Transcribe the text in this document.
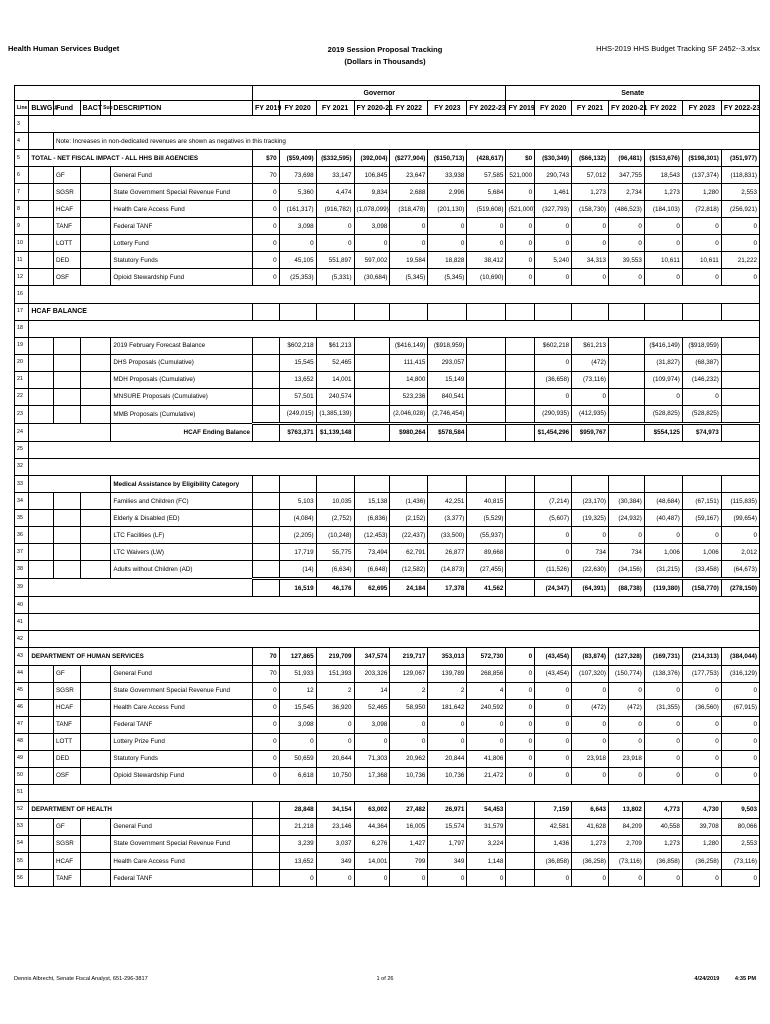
Health Human Services Budget	2019 Session Proposal Tracking
(Dollars in Thousands)
HHS-2019 HHS Budget Tracking SF 2452--3.xlsx
						Governor							Senate						
Line	BLWG #	Fund	BACT	Sub	DESCRIPTION	FY 2019	FY 2020	FY 2021	FY 2020-21	FY 2022	FY 2023	FY 2022-23	FY 2019	FY 2020	FY 2021	FY 2020-21	FY 2022	FY 2023	FY 2022-23
3																			
4		Note: Increases in non-dedicated revenues are shown as negatives in this tracking																	
5	TOTAL - NET FISCAL IMPACT - ALL HHS Bill AGENCIES					$70	($59,409)	($332,595)	(392,004)	($277,904)	($150,713)	(428,617)	$0	($30,349)	($66,132)	(96,481)	($153,676)	($198,301)	(351,977)
6		GF			General Fund	70	73,698	33,147	106,845	23,647	33,938	57,585	521,000	290,743	57,012	347,755	18,543	(137,374)	(118,831)
7		SGSR			State Government Special Revenue Fund	0	5,360	4,474	9,834	2,688	2,996	5,684	0	1,461	1,273	2,734	1,273	1,280	2,553
8		HCAF			Health Care Access Fund	0	(161,317)	(916,782)	(1,078,099)	(318,478)	(201,130)	(519,608)	(521,000)	(327,793)	(158,730)	(486,523)	(184,103)	(72,818)	(256,921)
9		TANF			Federal TANF	0	3,098	0	3,098	0	0	0	0	0	0	0	0	0	0
10		LOTT			Lottery Fund	0	0	0	0	0	0	0	0	0	0	0	0	0	0
11		DED			Statutory Funds	0	45,105	551,897	597,002	19,584	18,828	38,412	0	5,240	34,313	39,553	10,611	10,611	21,222
12		OSF			Opioid Stewardship Fund	0	(25,353)	(5,331)	(30,684)	(5,345)	(5,345)	(10,690)	0	0	0	0	0	0	0
16																			
17	HCAF BALANCE																		
18																			
19					2019 February Forecast Balance		$602,218	$61,213		($416,149)	($918,959)			$602,218	$61,213		($416,149)	($918,959)	
20					DHS Proposals (Cumulative)		15,545	52,465		111,415	293,057			0	(472)		(31,827)	(68,387)	
21					MDH Proposals (Cumulative)		13,652	14,001		14,800	15,149			(36,658)	(73,116)		(109,974)	(146,232)	
22					MNSURE Proposals (Cumulative)		57,501	240,574		523,236	840,541			0	0		0	0	
23					MMB Proposals (Cumulative)		(249,015)	(1,385,139)		(2,046,028)	(2,746,454)			(290,935)	(412,935)		(528,825)	(528,825)	
24					HCAF Ending Balance		$763,371	$1,139,148		$980,264	$578,584			$1,454,296	$959,767		$554,125	$74,973	
25																			
32																			
33					Medical Assistance by Eligibility Category														
34					Families and Children (FC)		5,103	10,035	15,138	(1,436)	42,251	40,815		(7,214)	(23,170)	(30,384)	(48,684)	(67,151)	(115,835)
35					Elderly & Disabled (ED)		(4,084)	(2,752)	(6,836)	(2,152)	(3,377)	(5,529)		(5,607)	(19,325)	(24,932)	(40,487)	(59,167)	(99,654)
36					LTC Facilities (LF)		(2,205)	(10,248)	(12,453)	(22,437)	(33,500)	(55,937)		0	0	0	0	0	0
37					LTC Waivers (LW)		17,719	55,775	73,494	62,791	26,877	89,668		0	734	734	1,006	1,006	2,012
38					Adults without Children (AD)		(14)	(6,634)	(6,648)	(12,582)	(14,873)	(27,455)		(11,526)	(22,630)	(34,156)	(31,215)	(33,458)	(64,673)
39							16,519	46,176	62,695	24,184	17,378	41,562		(24,347)	(64,391)	(88,738)	(119,380)	(158,770)	(278,150)
40																			
41																			
42																			
43	DEPARTMENT OF HUMAN SERVICES					70	127,865	219,709	347,574	219,717	353,013	572,730	0	(43,454)	(83,874)	(127,328)	(169,731)	(214,313)	(384,044)
44		GF			General Fund	70	51,933	151,393	203,326	129,067	139,789	268,856	0	(43,454)	(107,320)	(150,774)	(138,376)	(177,753)	(316,129)
45		SGSR			State Government Special Revenue Fund	0	12	2	14	2	2	4	0	0	0	0	0	0	0
46		HCAF			Health Care Access Fund	0	15,545	36,920	52,465	58,950	181,642	240,592	0	0	(472)	(472)	(31,355)	(36,560)	(67,915)
47		TANF			Federal TANF	0	3,098	0	3,098	0	0	0	0	0	0	0	0	0	0
48		LOTT			Lottery Prize Fund	0	0	0	0	0	0	0	0	0	0	0	0	0	0
49		DED			Statutory Funds	0	50,659	20,644	71,303	20,962	20,844	41,806	0	0	23,918	23,918	0	0	0
50		OSF			Opioid Stewardship Fund	0	6,618	10,750	17,368	10,736	10,736	21,472	0	0	0	0	0	0	0
51																			
52	DEPARTMENT OF HEALTH						28,848	34,154	63,002	27,482	26,971	54,453		7,159	6,643	13,802	4,773	4,730	9,503
53		GF			General Fund		21,218	23,146	44,364	16,005	15,574	31,579		42,581	41,628	84,209	40,558	39,708	80,066
54		SGSR			State Government Special Revenue Fund		3,239	3,037	6,276	1,427	1,797	3,224		1,436	1,273	2,709	1,273	1,280	2,553
55		HCAF			Health Care Access Fund		13,652	349	14,001	799	349	1,148		(36,858)	(36,258)	(73,116)	(36,858)	(36,258)	(73,116)
56		TANF			Federal TANF		0	0	0	0	0	0		0	0	0	0	0	0
Dennis Albrecht, Senate Fiscal Analyst, 651-296-3817	1 of 26	4/24/2019	4:35 PM
